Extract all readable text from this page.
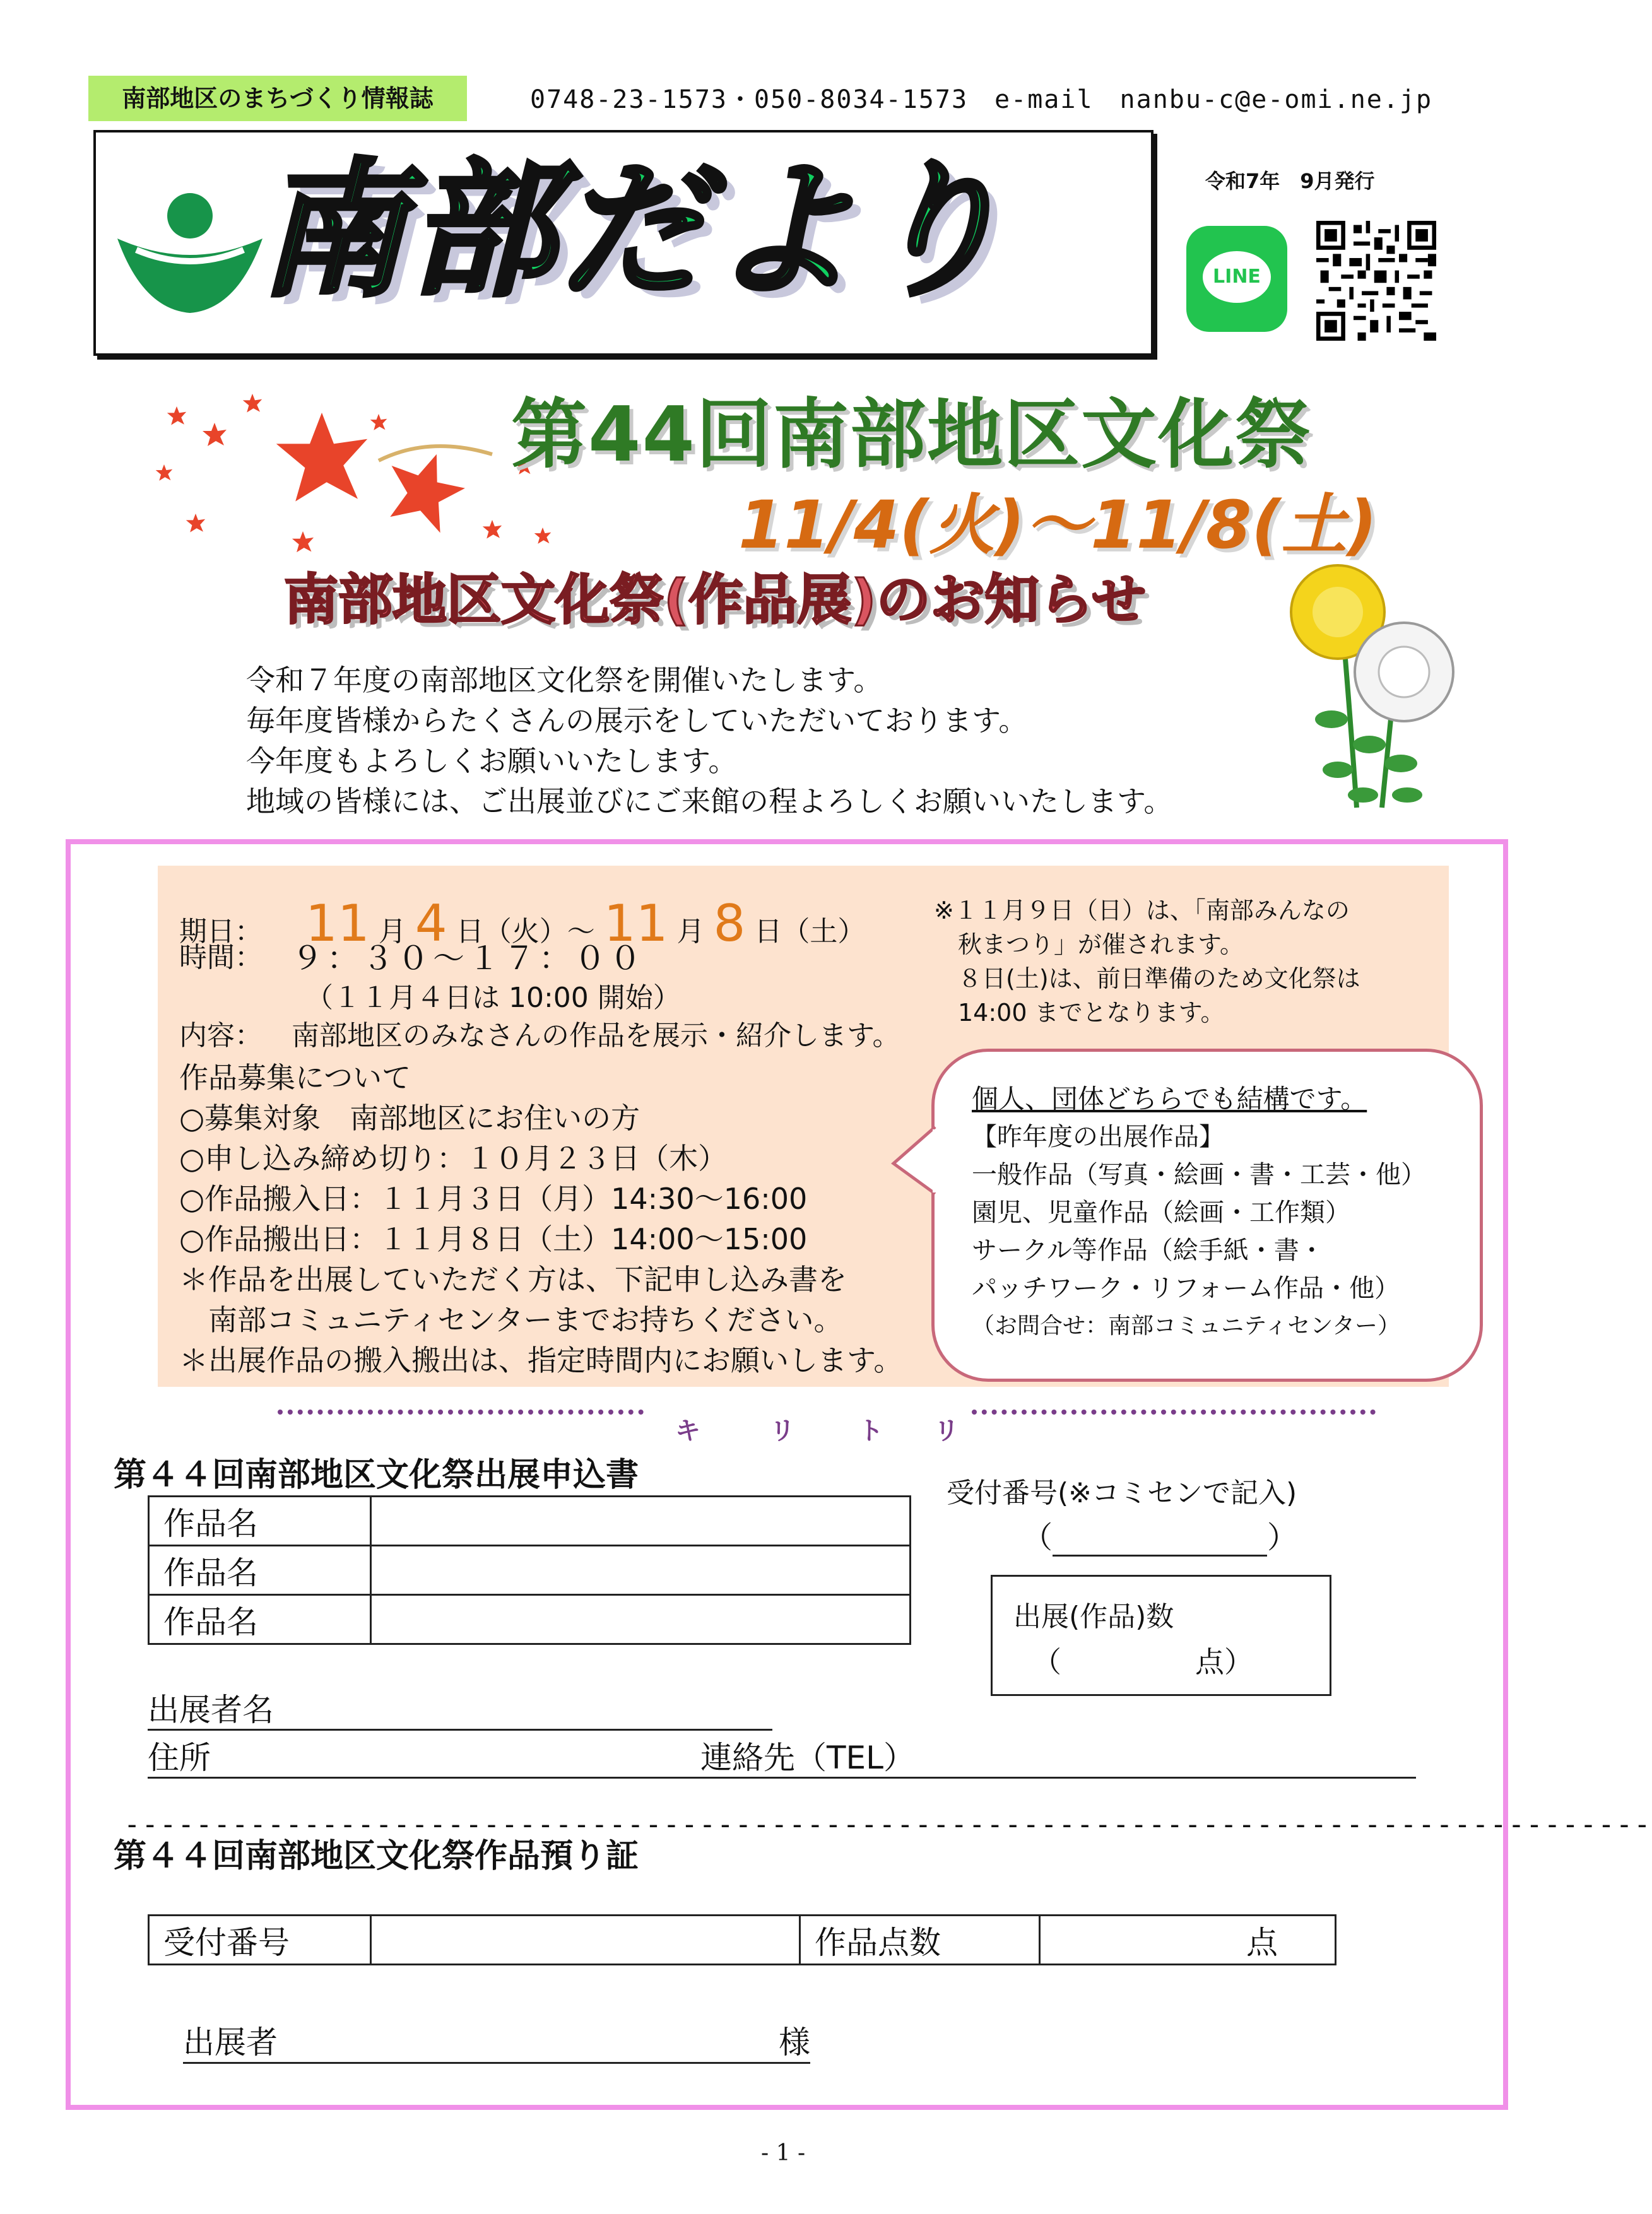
南部地区のまちづくり情報誌	0748-23-1573・050-8034-1573　e-mail　nanbu-c@e-omi.ne.jp
南部だより	令和7年　9月発行
LINE
第44回南部地区文化祭
11/4(火)～11/8(土)
南部地区文化祭(作品展)のお知らせ

令和７年度の南部地区文化祭を開催いたします。

毎年度皆様からたくさんの展示をしていただいております。

今年度もよろしくお願いいたします。

地域の皆様には、ご出展並びにご来館の程よろしくお願いいたします。

期日： 11 月 4 日（火）～ 11 月 8 日（土）
時間： ９：３０～１７：００
（１１月４日は 10:00 開始）
内容： 南部地区のみなさんの作品を展示・紹介します。
作品募集について
○募集対象　南部地区にお住いの方
○申し込み締め切り：１０月２３日（木）
○作品搬入日：１１月３日（月）14:30～16:00
○作品搬出日：１１月８日（土）14:00～15:00
＊作品を出展していただく方は、下記申し込み書を
　南部コミュニティセンターまでお持ちください。
＊出展作品の搬入搬出は、指定時間内にお願いします。

※１１月９日（日）は、「南部みんなの

　秋まつり」が催されます。

　８日(土)は、前日準備のため文化祭は

　14:00 までとなります。

個人、団体どちらでも結構です。

【昨年度の出展作品】

一般作品（写真・絵画・書・工芸・他）

園児、児童作品（絵画・工作類）

サークル等作品（絵手紙・書・

パッチワーク・リフォーム作品・他）

（お問合せ：南部コミュニティセンター）

キ	リ	ト リ
第４４回南部地区文化祭出展申込書
作品名	
作品名	
作品名	
受付番号(※コミセンで記入)
（	）
出展(作品)数
（	点）
出展者名
住所	連絡先（TEL）
-------------------------------------------------------------------------------------
第４４回南部地区文化祭作品預り証
受付番号		作品点数	点
出展者	様
- 1 -
